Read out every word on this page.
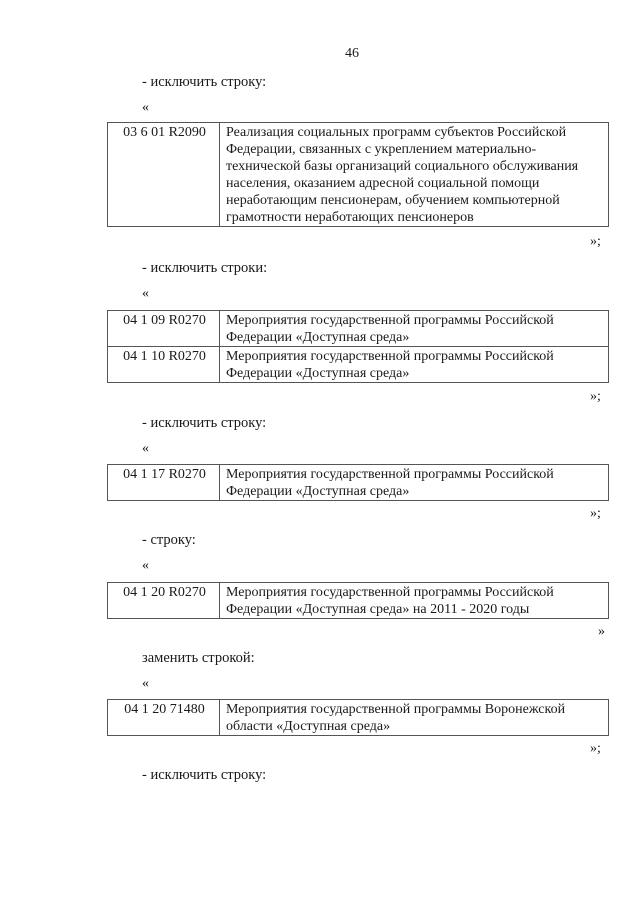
46
- исключить строку:
«
03 6 01 R2090	Реализация социальных программ субъектов Российской Федерации, связанных с укреплением материально-технической базы организаций социального обслуживания населения, оказанием адресной социальной помощи неработающим пенсионерам, обучением компьютерной грамотности неработающих пенсионеров
»;
- исключить строки:
«
04 1 09 R0270	Мероприятия государственной программы Российской Федерации «Доступная среда»
04 1 10 R0270	Мероприятия государственной программы Российской Федерации «Доступная среда»
»;
- исключить строку:
«
04 1 17 R0270	Мероприятия государственной программы Российской Федерации «Доступная среда»
»;
- строку:
«
04 1 20 R0270	Мероприятия государственной программы Российской Федерации «Доступная среда» на 2011 - 2020 годы
»
заменить строкой:
«
04 1 20 71480	Мероприятия государственной программы Воронежской области «Доступная среда»
»;
- исключить строку:
